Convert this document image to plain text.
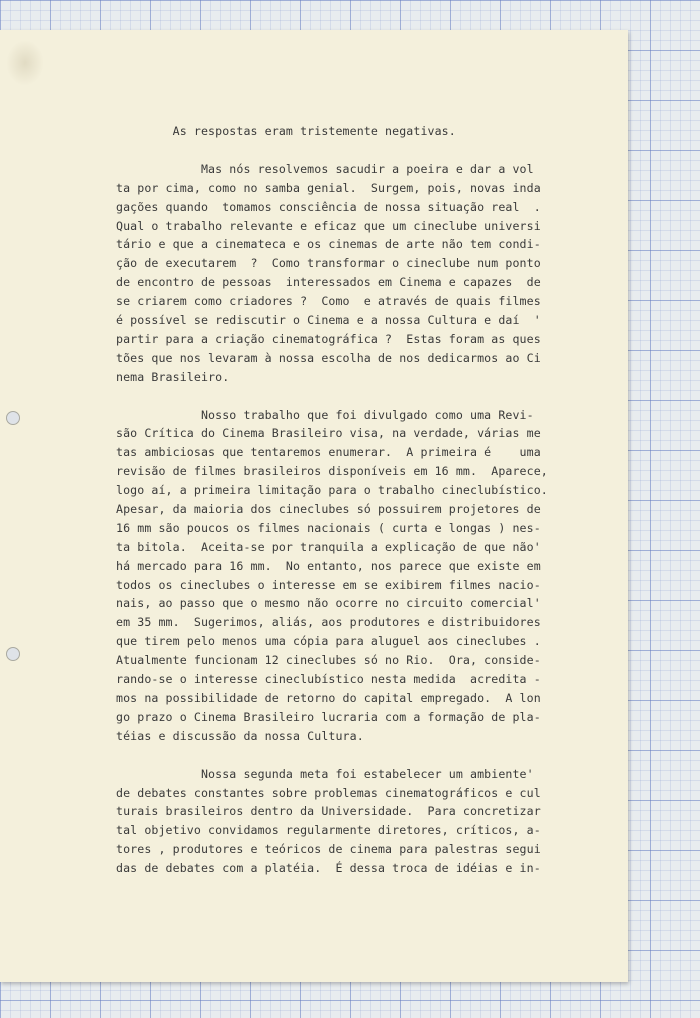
As respostas eram tristemente negativas.
Mas nós resolvemos sacudir a poeira e dar a vol
ta por cima, como no samba genial.  Surgem, pois, novas inda
gações quando  tomamos consciência de nossa situação real  .
Qual o trabalho relevante e eficaz que um cineclube universi
tário e que a cinemateca e os cinemas de arte não tem condi-
ção de executarem  ?  Como transformar o cineclube num ponto
de encontro de pessoas  interessados em Cinema e capazes  de
se criarem como criadores ?  Como  e através de quais filmes
é possível se rediscutir o Cinema e a nossa Cultura e daí  '
partir para a criação cinematográfica ?  Estas foram as ques
tões que nos levaram à nossa escolha de nos dedicarmos ao Ci
nema Brasileiro.
Nosso trabalho que foi divulgado como uma Revi-
são Crítica do Cinema Brasileiro visa, na verdade, várias me
tas ambiciosas que tentaremos enumerar.  A primeira é    uma
revisão de filmes brasileiros disponíveis em 16 mm.  Aparece,
logo aí, a primeira limitação para o trabalho cineclubístico.
Apesar, da maioria dos cineclubes só possuirem projetores de
16 mm são poucos os filmes nacionais ( curta e longas ) nes-
ta bitola.  Aceita-se por tranquila a explicação de que não'
há mercado para 16 mm.  No entanto, nos parece que existe em
todos os cineclubes o interesse em se exibirem filmes nacio-
nais, ao passo que o mesmo não ocorre no circuito comercial'
em 35 mm.  Sugerimos, aliás, aos produtores e distribuidores
que tirem pelo menos uma cópia para aluguel aos cineclubes .
Atualmente funcionam 12 cineclubes só no Rio.  Ora, conside-
rando-se o interesse cineclubístico nesta medida  acredita -
mos na possibilidade de retorno do capital empregado.  A lon
go prazo o Cinema Brasileiro lucraria com a formação de pla-
téias e discussão da nossa Cultura.
Nossa segunda meta foi estabelecer um ambiente'
de debates constantes sobre problemas cinematográficos e cul
turais brasileiros dentro da Universidade.  Para concretizar
tal objetivo convidamos regularmente diretores, críticos, a-
tores , produtores e teóricos de cinema para palestras segui
das de debates com a platéia.  É dessa troca de idéias e in-
